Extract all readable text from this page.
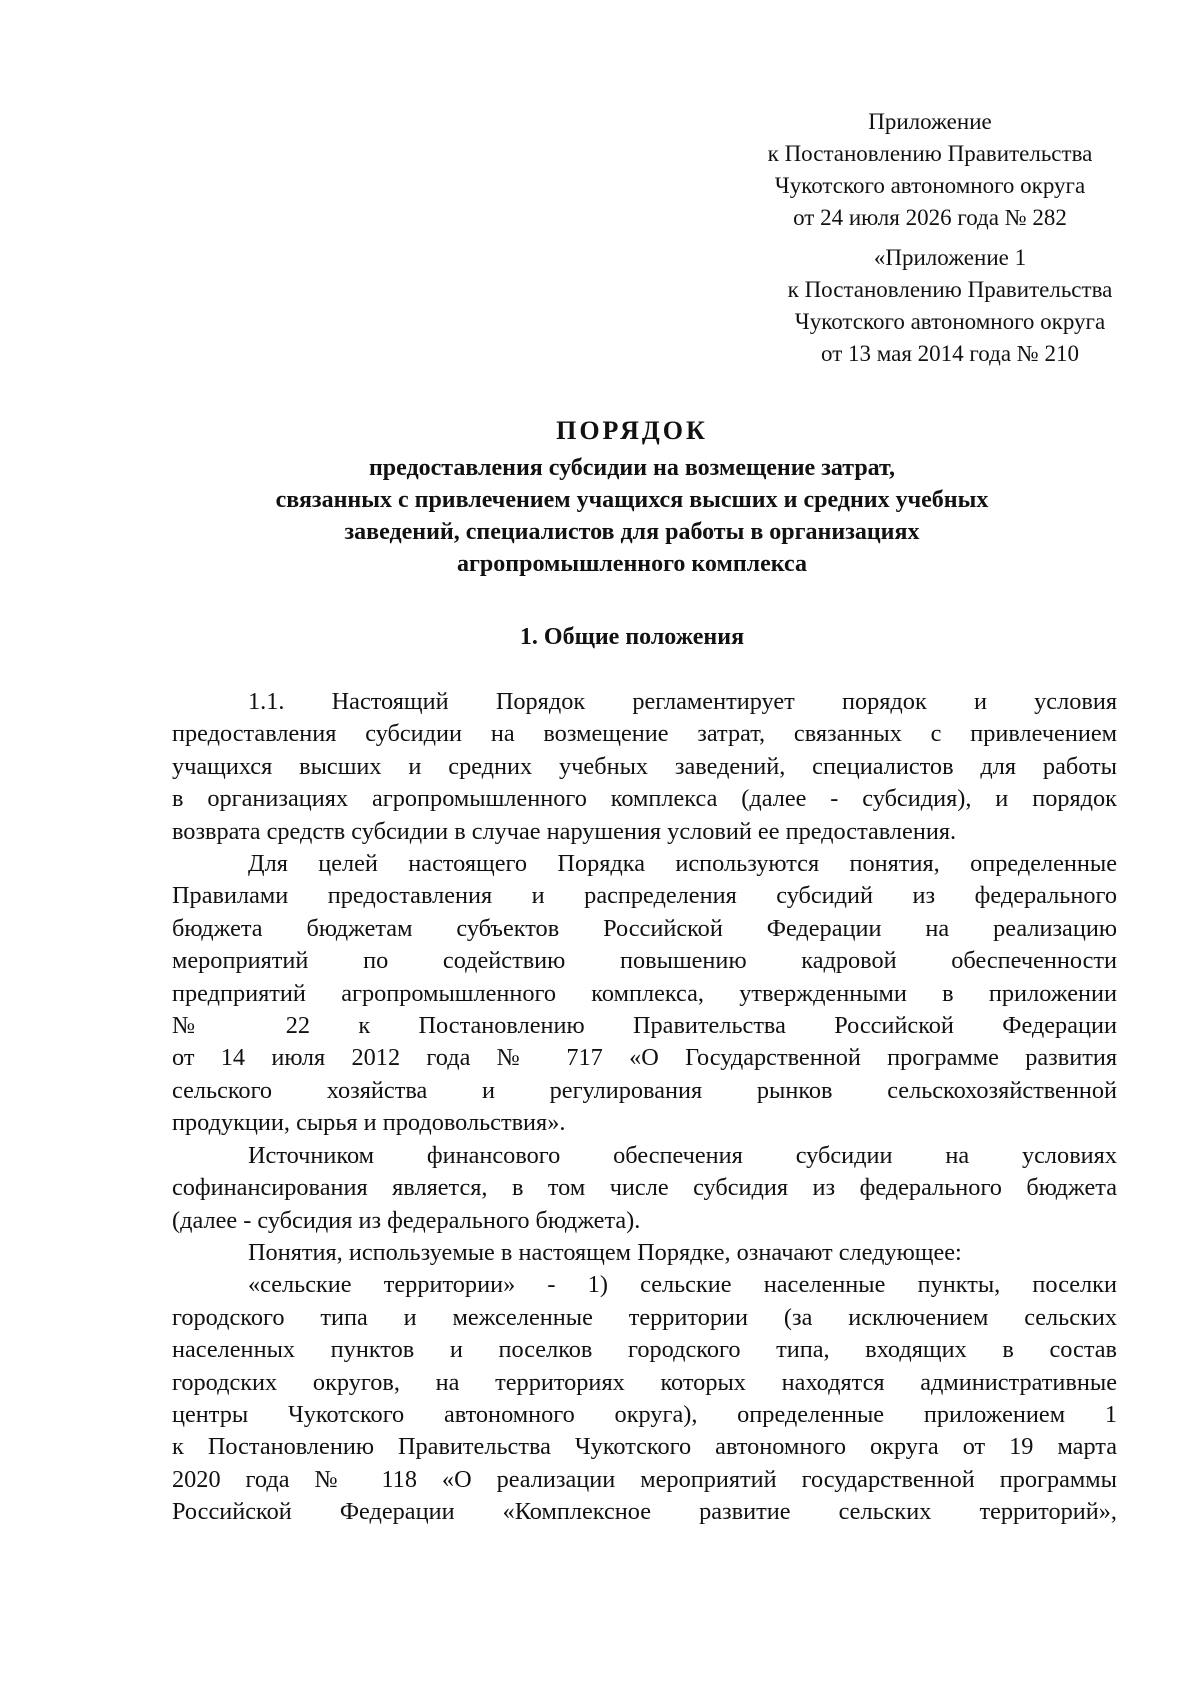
Приложение
к Постановлению Правительства
Чукотского автономного округа
от 24 июля 2026 года № 282
«Приложение 1
к Постановлению Правительства
Чукотского автономного округа
от 13 мая 2014 года № 210
ПОРЯДОК
предоставления субсидии на возмещение затрат,
связанных с привлечением учащихся высших и средних учебных
заведений, специалистов для работы в организациях
агропромышленного комплекса
1. Общие положения
1.1. Настоящий Порядок регламентирует порядок и условия
предоставления субсидии на возмещение затрат, связанных с привлечением
учащихся высших и средних учебных заведений, специалистов для работы
в организациях агропромышленного комплекса (далее - субсидия), и порядок
возврата средств субсидии в случае нарушения условий ее предоставления.
Для целей настоящего Порядка используются понятия, определенные
Правилами предоставления и распределения субсидий из федерального
бюджета бюджетам субъектов Российской Федерации на реализацию
мероприятий по содействию повышению кадровой обеспеченности
предприятий агропромышленного комплекса, утвержденными в приложении
№ 22 к Постановлению Правительства Российской Федерации
от 14 июля 2012 года № 717 «О Государственной программе развития
сельского хозяйства и регулирования рынков сельскохозяйственной
продукции, сырья и продовольствия».
Источником финансового обеспечения субсидии на условиях
софинансирования является, в том числе субсидия из федерального бюджета
(далее - субсидия из федерального бюджета).
Понятия, используемые в настоящем Порядке, означают следующее:
«сельские территории» - 1) сельские населенные пункты, поселки
городского типа и межселенные территории (за исключением сельских
населенных пунктов и поселков городского типа, входящих в состав
городских округов, на территориях которых находятся административные
центры Чукотского автономного округа), определенные приложением 1
к Постановлению Правительства Чукотского автономного округа от 19 марта
2020 года № 118 «О реализации мероприятий государственной программы
Российской Федерации «Комплексное развитие сельских территорий»,
